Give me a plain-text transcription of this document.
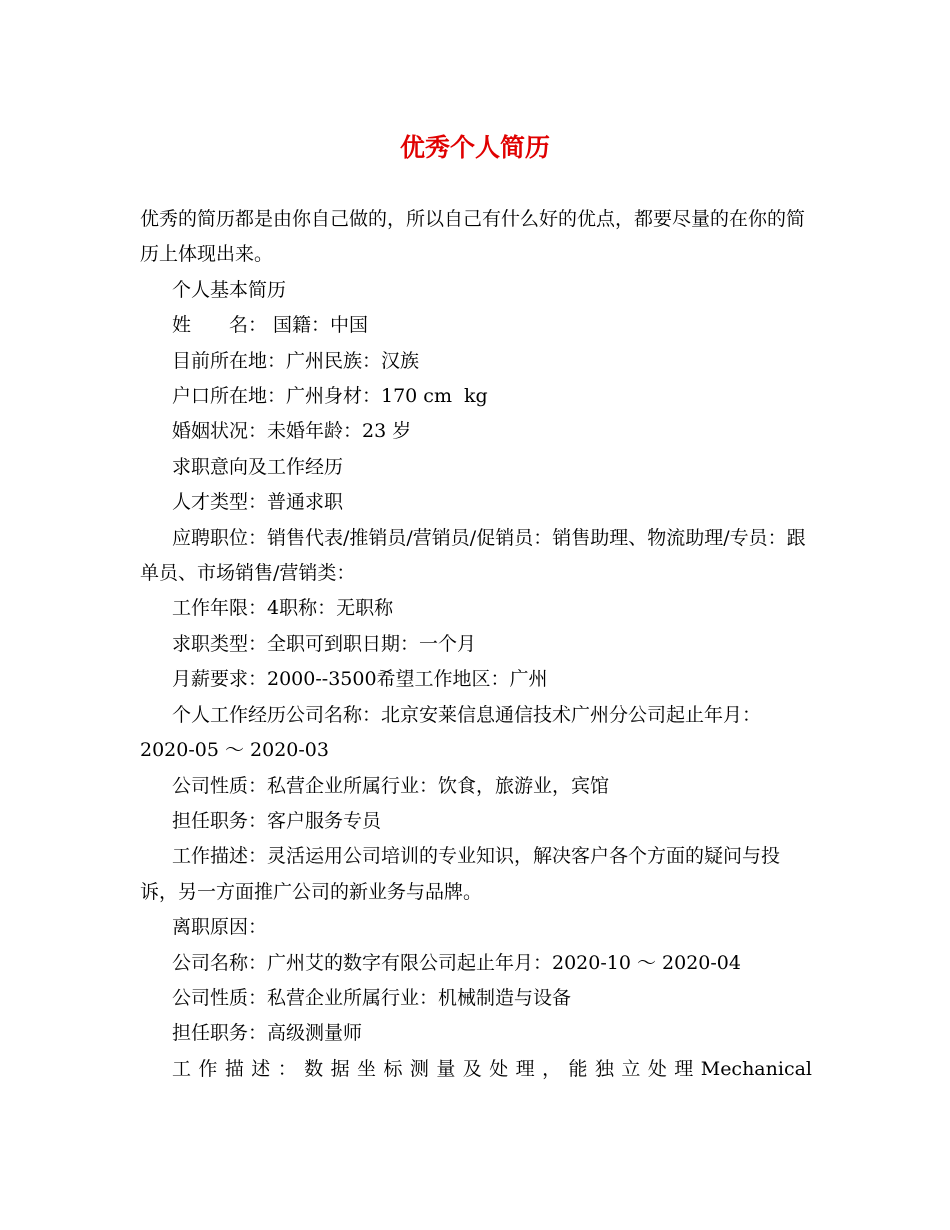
优秀个人简历

优秀的简历都是由你自己做的，所以自己有什么好的优点，都要尽量的在你的简历上体现出来。

个人基本简历

姓 名： 国籍：中国

目前所在地：广州民族：汉族

户口所在地：广州身材：170 cm  kg

婚姻状况：未婚年龄：23 岁

求职意向及工作经历

人才类型：普通求职

应聘职位：销售代表/推销员/营销员/促销员：销售助理、物流助理/专员：跟单员、市场销售/营销类：

工作年限：4职称：无职称

求职类型：全职可到职日期：一个月

月薪要求：2000--3500希望工作地区：广州

个人工作经历公司名称：北京安莱信息通信技术广州分公司起止年月：2020-05 ～ 2020-03

公司性质：私营企业所属行业：饮食，旅游业，宾馆

担任职务：客户服务专员

工作描述：灵活运用公司培训的专业知识，解决客户各个方面的疑问与投诉，另一方面推广公司的新业务与品牌。

离职原因：

公司名称：广州艾的数字有限公司起止年月：2020-10 ～ 2020-04

公司性质：私营企业所属行业：机械制造与设备

担任职务：高级测量师

工作描述：数据坐标测量及处理，能独立处理Mechanical
